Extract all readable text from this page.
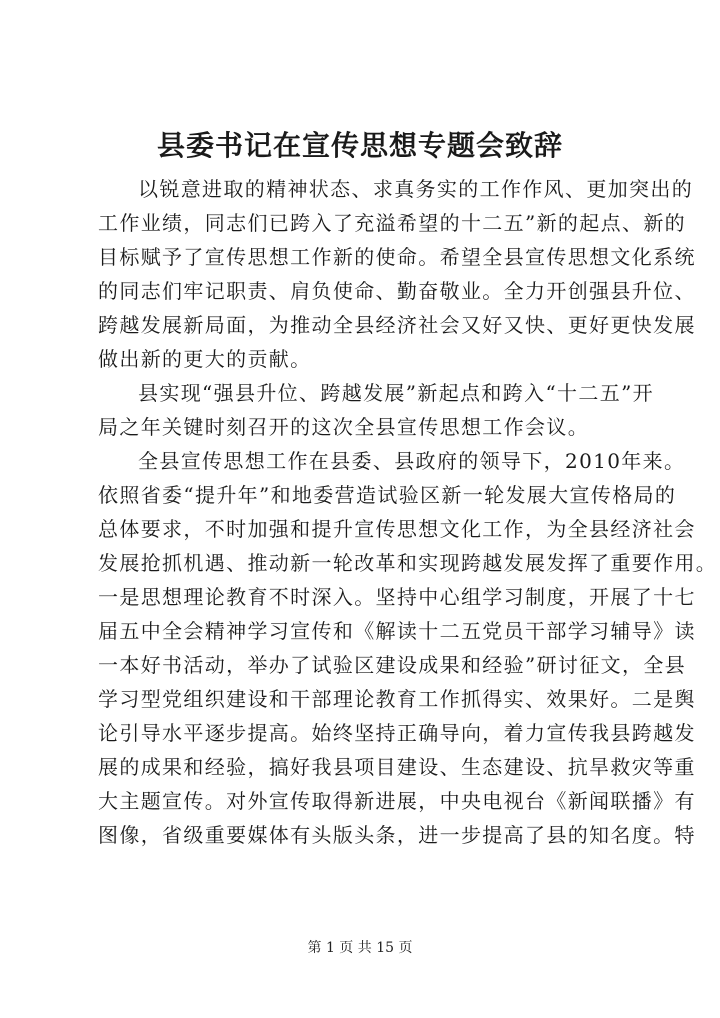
县委书记在宣传思想专题会致辞
以锐意进取的精神状态、求真务实的工作作风、更加突出的
工作业绩，同志们已跨入了充溢希望的十二五”新的起点、新的
目标赋予了宣传思想工作新的使命。希望全县宣传思想文化系统
的同志们牢记职责、肩负使命、勤奋敬业。全力开创强县升位、
跨越发展新局面，为推动全县经济社会又好又快、更好更快发展
做出新的更大的贡献。
县实现“强县升位、跨越发展”新起点和跨入“十二五”开
局之年关键时刻召开的这次全县宣传思想工作会议。
全县宣传思想工作在县委、县政府的领导下，2010年来。
依照省委“提升年”和地委营造试验区新一轮发展大宣传格局的
总体要求，不时加强和提升宣传思想文化工作，为全县经济社会
发展抢抓机遇、推动新一轮改革和实现跨越发展发挥了重要作用。
一是思想理论教育不时深入。坚持中心组学习制度，开展了十七
届五中全会精神学习宣传和《解读十二五党员干部学习辅导》读
一本好书活动，举办了试验区建设成果和经验”研讨征文，全县
学习型党组织建设和干部理论教育工作抓得实、效果好。二是舆
论引导水平逐步提高。始终坚持正确导向，着力宣传我县跨越发
展的成果和经验，搞好我县项目建设、生态建设、抗旱救灾等重
大主题宣传。对外宣传取得新进展，中央电视台《新闻联播》有
图像，省级重要媒体有头版头条，进一步提高了县的知名度。特
第 1 页 共 15 页
